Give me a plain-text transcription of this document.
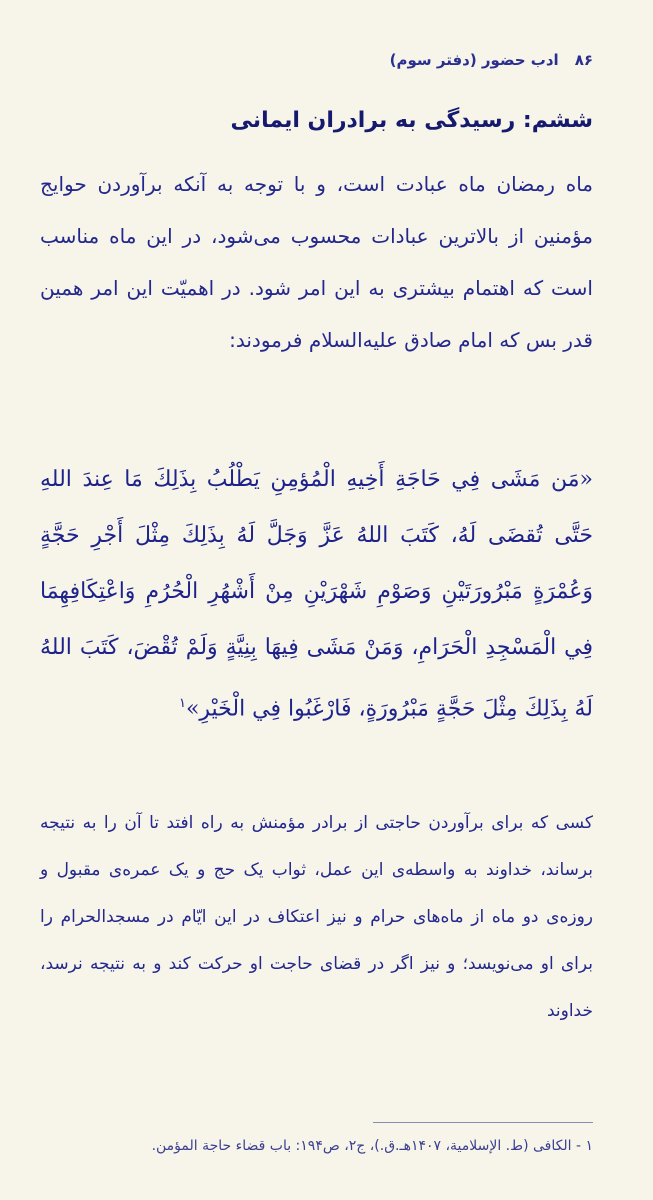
۸۶
ادب حضور (دفتر سوم)
ششم: رسیدگی به برادران ایمانی

ماه رمضان ماه عبادت است، و با توجه به آنکه برآوردن حوایج مؤمنین از بالاترین عبادات محسوب می‌شود، در این ماه مناسب است که اهتمام بیشتری به این امر شود. در اهمیّت این امر همین قدر بس که امام صادق علیه‌السلام فرمودند:

«مَن مَشَى فِي حَاجَةِ أَخِيهِ الْمُؤمِنِ يَطْلُبُ بِذَلِكَ مَا عِندَ اللهِ حَتَّى تُقضَى لَهُ، كَتَبَ اللهُ عَزَّ وَجَلَّ لَهُ بِذَلِكَ مِثْلَ أَجْرِ حَجَّةٍ وَعُمْرَةٍ مَبْرُورَتَيْنِ وَصَوْمِ شَهْرَيْنِ مِنْ أَشْهُرِ الْحُرُمِ وَاعْتِكَافِهِمَا فِي الْمَسْجِدِ الْحَرَامِ، وَمَنْ مَشَى فِيهَا بِنِيَّةٍ وَلَمْ تُقْضَ، كَتَبَ اللهُ لَهُ بِذَلِكَ مِثْلَ حَجَّةٍ مَبْرُورَةٍ، فَارْغَبُوا فِي الْخَيْرِ»$^۱$

کسی که برای برآوردن حاجتی از برادر مؤمنش به راه افتد تا آن را به نتیجه برساند، خداوند به واسطه‌ی این عمل، ثواب یک حج و یک عمره‌ی مقبول و روزه‌ی دو ماه از ماه‌های حرام و نیز اعتکاف در این ایّام در مسجدالحرام را برای او می‌نویسد؛ و نیز اگر در قضای حاجت او حرکت کند و به نتیجه نرسد، خداوند

۱ - الکافی (ط. الإسلامیة، ۱۴۰۷هـ.ق.)، ج۲، ص۱۹۴: باب قضاء حاجة المؤمن.
